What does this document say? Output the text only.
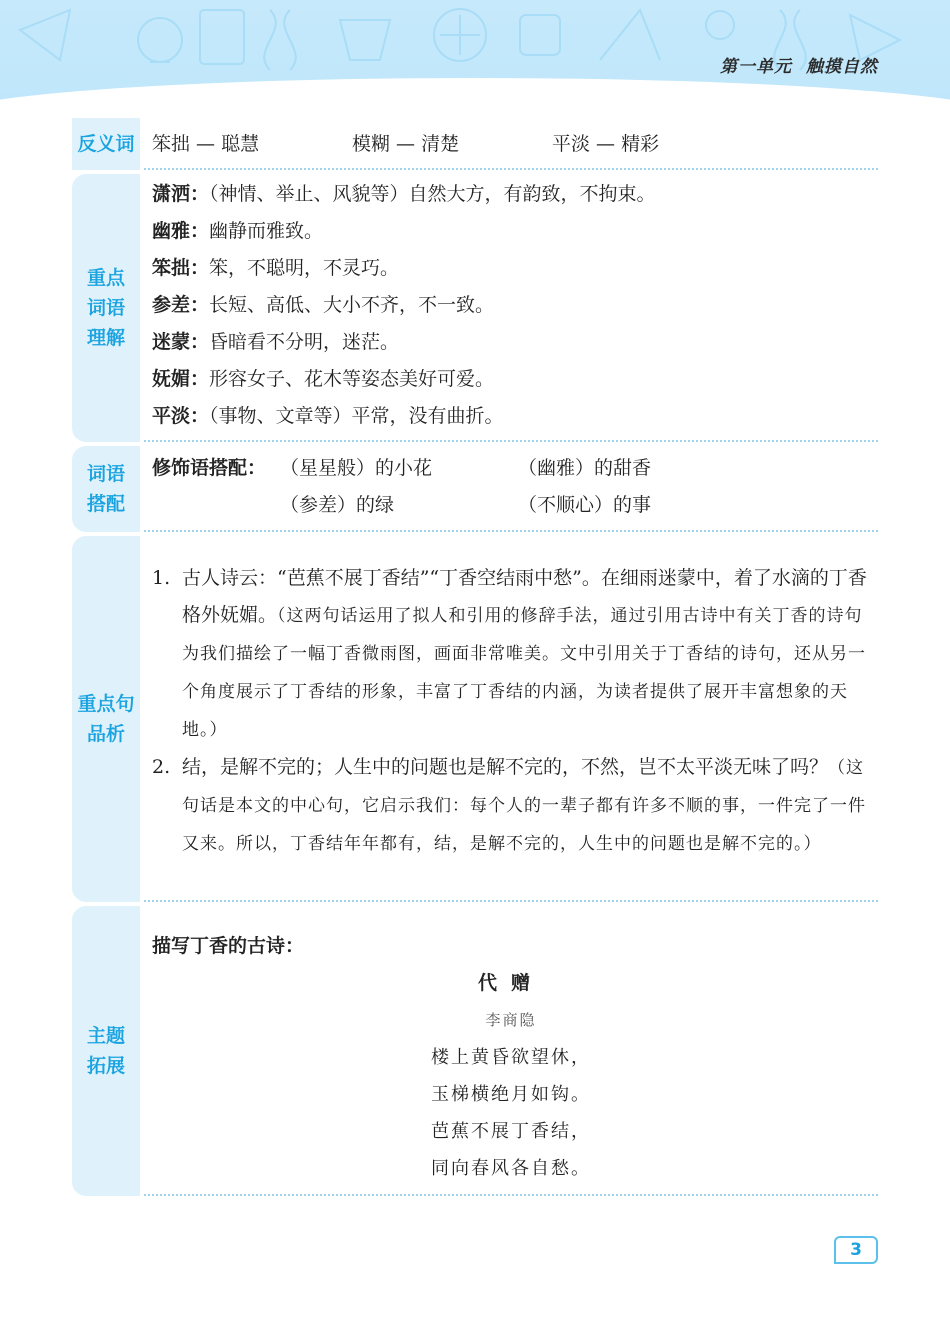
第一单元 触摸自然
反义词 笨拙 — 聪慧	模糊 — 清楚	平淡 — 精彩
重点词语理解
潇洒：（神情、举止、风貌等）自然大方，有韵致，不拘束。
幽雅：幽静而雅致。
笨拙：笨，不聪明，不灵巧。
参差：长短、高低、大小不齐，不一致。
迷蒙：昏暗看不分明，迷茫。
妩媚：形容女子、花木等姿态美好可爱。
平淡：（事物、文章等）平常，没有曲折。
词语搭配
修饰语搭配： （星星般）的小花	（幽雅）的甜香
（参差）的绿	（不顺心）的事
重点句品析
1. 古人诗云：“芭蕉不展丁香结”“丁香空结雨中愁”。在细雨迷蒙中，着了水滴的丁香格外妩媚。（这两句话运用了拟人和引用的修辞手法，通过引用古诗中有关丁香的诗句为我们描绘了一幅丁香微雨图，画面非常唯美。文中引用关于丁香结的诗句，还从另一个角度展示了丁香结的形象，丰富了丁香结的内涵，为读者提供了展开丰富想象的天地。）
2. 结，是解不完的；人生中的问题也是解不完的，不然，岂不太平淡无味了吗？（这句话是本文的中心句，它启示我们：每个人的一辈子都有许多不顺的事，一件完了一件又来。所以，丁香结年年都有，结，是解不完的，人生中的问题也是解不完的。）
主题拓展
描写丁香的古诗：
代赠
李商隐
楼上黄昏欲望休，
玉梯横绝月如钩。
芭蕉不展丁香结，
同向春风各自愁。
3
